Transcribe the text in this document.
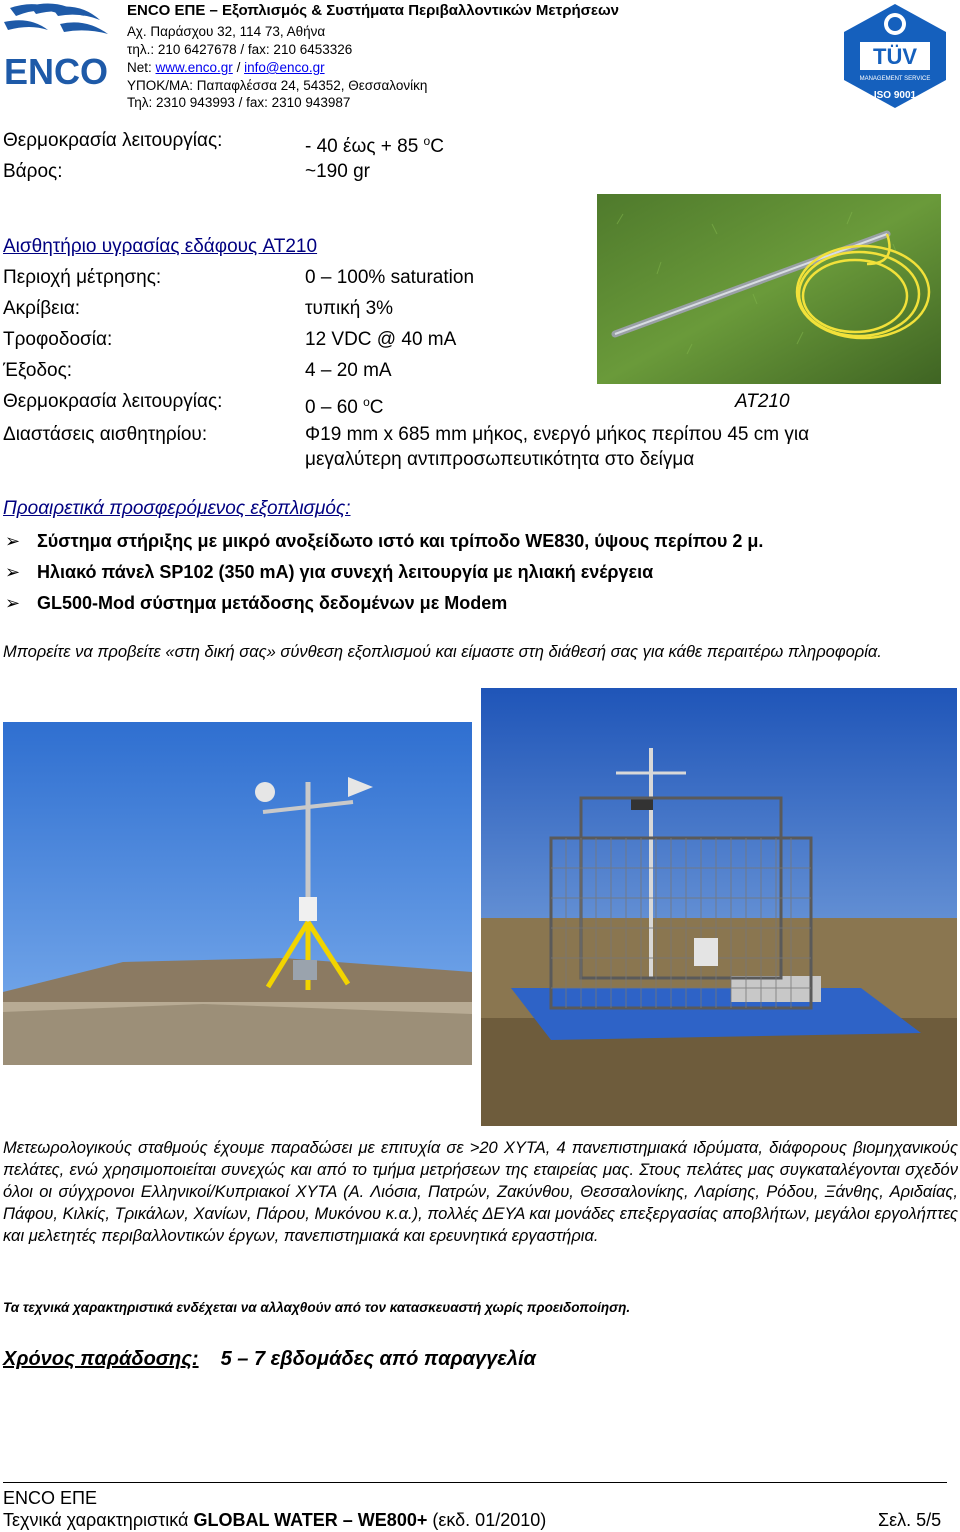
ENCO
ENCO ΕΠΕ – Εξοπλισμός & Συστήματα Περιβαλλοντικών Μετρήσεων
Αχ. Παράσχου 32, 114 73, Αθήνα
τηλ.: 210 6427678 / fax: 210 6453326
Net: www.enco.gr / info@enco.gr
ΥΠΟΚ/ΜΑ: Παπαφλέσσα 24, 54352, Θεσσαλονίκη
Τηλ: 2310 943993 / fax: 2310 943987
TÜV
MANAGEMENT SERVICE
ISO 9001
Θερμοκρασία λειτουργίας:	- 40 έως + 85 $^o$C
Βάρος:	~190 gr
Αισθητήριο υγρασίας εδάφους AT210
Περιοχή μέτρησης:	0 – 100% saturation
Ακρίβεια:	τυπική 3%
Τροφοδοσία:	12 VDC @ 40 mA
Έξοδος:	4 – 20 mA
Θερμοκρασία λειτουργίας:	0 – 60 $^o$C	AT210
Διαστάσεις αισθητηρίου:	Φ19 mm x 685 mm μήκος, ενεργό μήκος περίπου 45 cm για
μεγαλύτερη αντιπροσωπευτικότητα στο δείγμα
Προαιρετικά προσφερόμενος εξοπλισμός:
➢ Σύστημα στήριξης με μικρό ανοξείδωτο ιστό και τρίποδο WE830, ύψους περίπου 2 μ.
➢ Ηλιακό πάνελ SP102 (350 mA) για συνεχή λειτουργία με ηλιακή ενέργεια
➢ GL500-Mod σύστημα μετάδοσης δεδομένων με Modem
Μπορείτε να προβείτε «στη δική σας» σύνθεση εξοπλισμού και είμαστε στη διάθεσή σας για κάθε περαιτέρω πληροφορία.
Μετεωρολογικούς σταθμούς έχουμε παραδώσει με επιτυχία σε >20 ΧΥΤΑ, 4 πανεπιστημιακά ιδρύματα, διάφορους βιομηχανικούς πελάτες, ενώ χρησιμοποιείται συνεχώς και από το τμήμα μετρήσεων της εταιρείας μας. Στους πελάτες μας συγκαταλέγονται σχεδόν όλοι οι σύγχρονοι Ελληνικοί/Κυπριακοί ΧΥΤΑ (Α. Λιόσια, Πατρών, Ζακύνθου, Θεσσαλονίκης, Λαρίσης, Ρόδου, Ξάνθης, Αριδαίας, Πάφου, Κιλκίς, Τρικάλων, Χανίων, Πάρου, Μυκόνου κ.α.), πολλές ΔΕΥΑ και μονάδες επεξεργασίας αποβλήτων, μεγάλοι εργολήπτες και μελετητές περιβαλλοντικών έργων, πανεπιστημιακά και ερευνητικά εργαστήρια.
Τα τεχνικά χαρακτηριστικά ενδέχεται να αλλαχθούν από τον κατασκευαστή χωρίς προειδοποίηση.
Χρόνος παράδοσης: 5 – 7 εβδομάδες από παραγγελία
ENCO ΕΠΕ
Τεχνικά χαρακτηριστικά GLOBAL WATER – WE800+ (εκδ. 01/2010)	Σελ. 5/5
